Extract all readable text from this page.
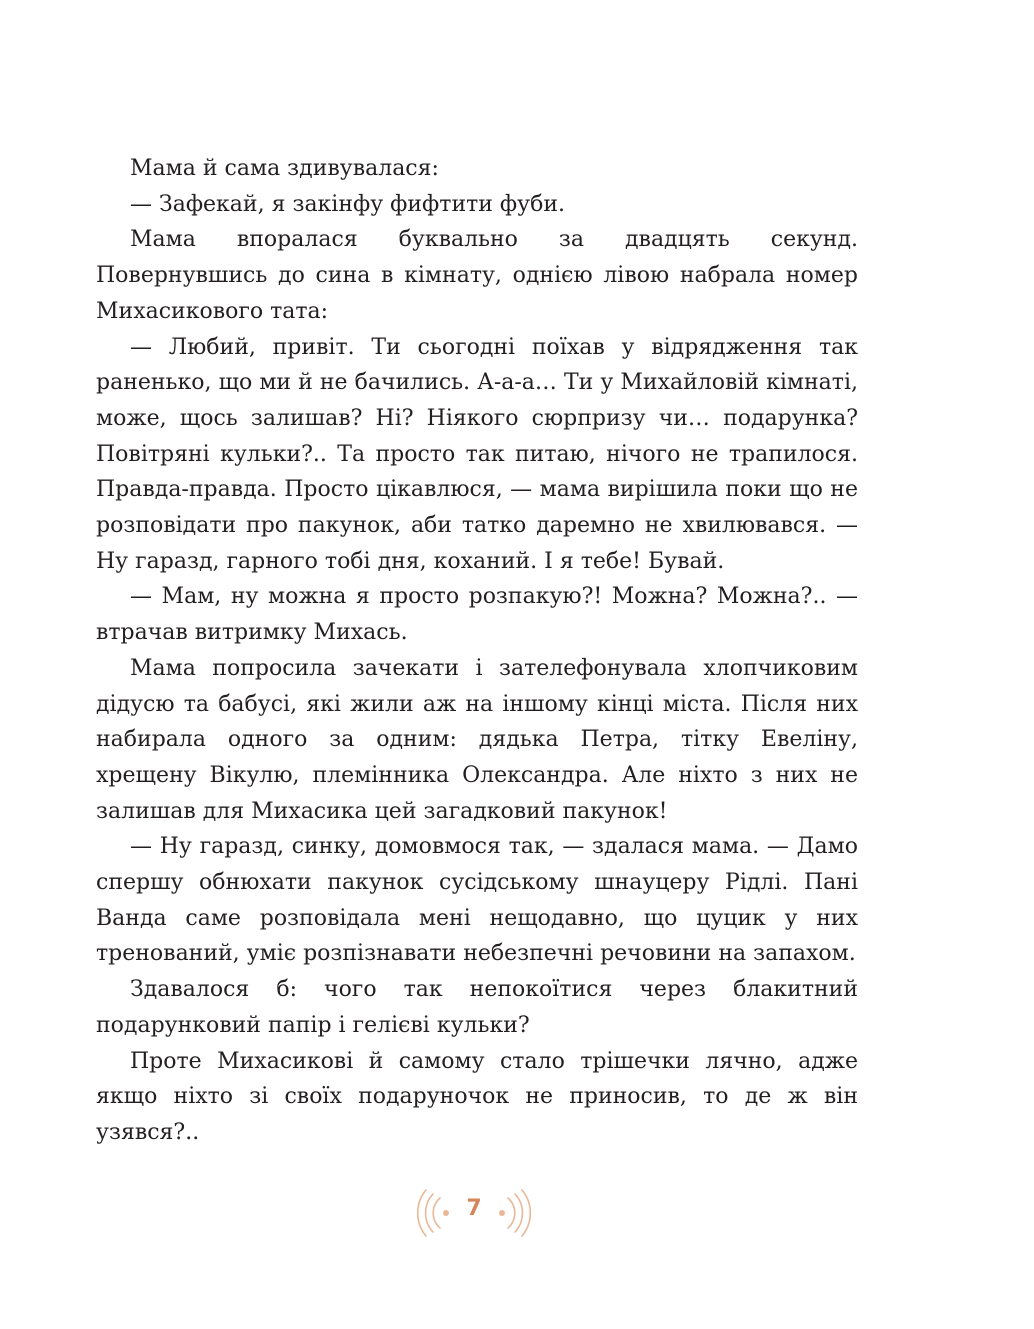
Мама й сама здивувалася:

— Зафекай, я закінфу фифтити фуби.

Мама впоралася буквально за двадцять секунд. Повернувшись до сина в кімнату, однією лівою набрала номер Михасикового тата:

— Любий, привіт. Ти сьогодні поїхав у відрядження так раненько, що ми й не бачились. А-а-а… Ти у Михайловій кімнаті, може, щось залишав? Ні? Ніякого сюрпризу чи… подарунка? Повітряні кульки?.. Та просто так питаю, нічого не трапилося. Правда-правда. Просто цікавлюся, — мама вирішила поки що не розповідати про пакунок, аби татко даремно не хвилювався. — Ну гаразд, гарного тобі дня, коханий. І я тебе! Бувай.

— Мам, ну можна я просто розпакую?! Можна? Можна?.. — втрачав витримку Михась.

Мама попросила зачекати і зателефонувала хлопчиковим дідусю та бабусі, які жили аж на іншому кінці міста. Після них набирала одного за одним: дядька Петра, тітку Евеліну, хрещену Вікулю, племінника Олександра. Але ніхто з них не залишав для Михасика цей загадковий пакунок!

— Ну гаразд, синку, домовмося так, — здалася мама. — Дамо спершу обнюхати пакунок сусідському шнауцеру Рідлі. Пані Ванда саме розповідала мені нещодавно, що цуцик у них тренований, уміє розпізнавати небезпечні речовини на запахом.

Здавалося б: чого так непокоїтися через блакитний подарунковий папір і гелієві кульки?

Проте Михасикові й самому стало трішечки лячно, адже якщо ніхто зі своїх подаруночок не приносив, то де ж він узявся?..

7
